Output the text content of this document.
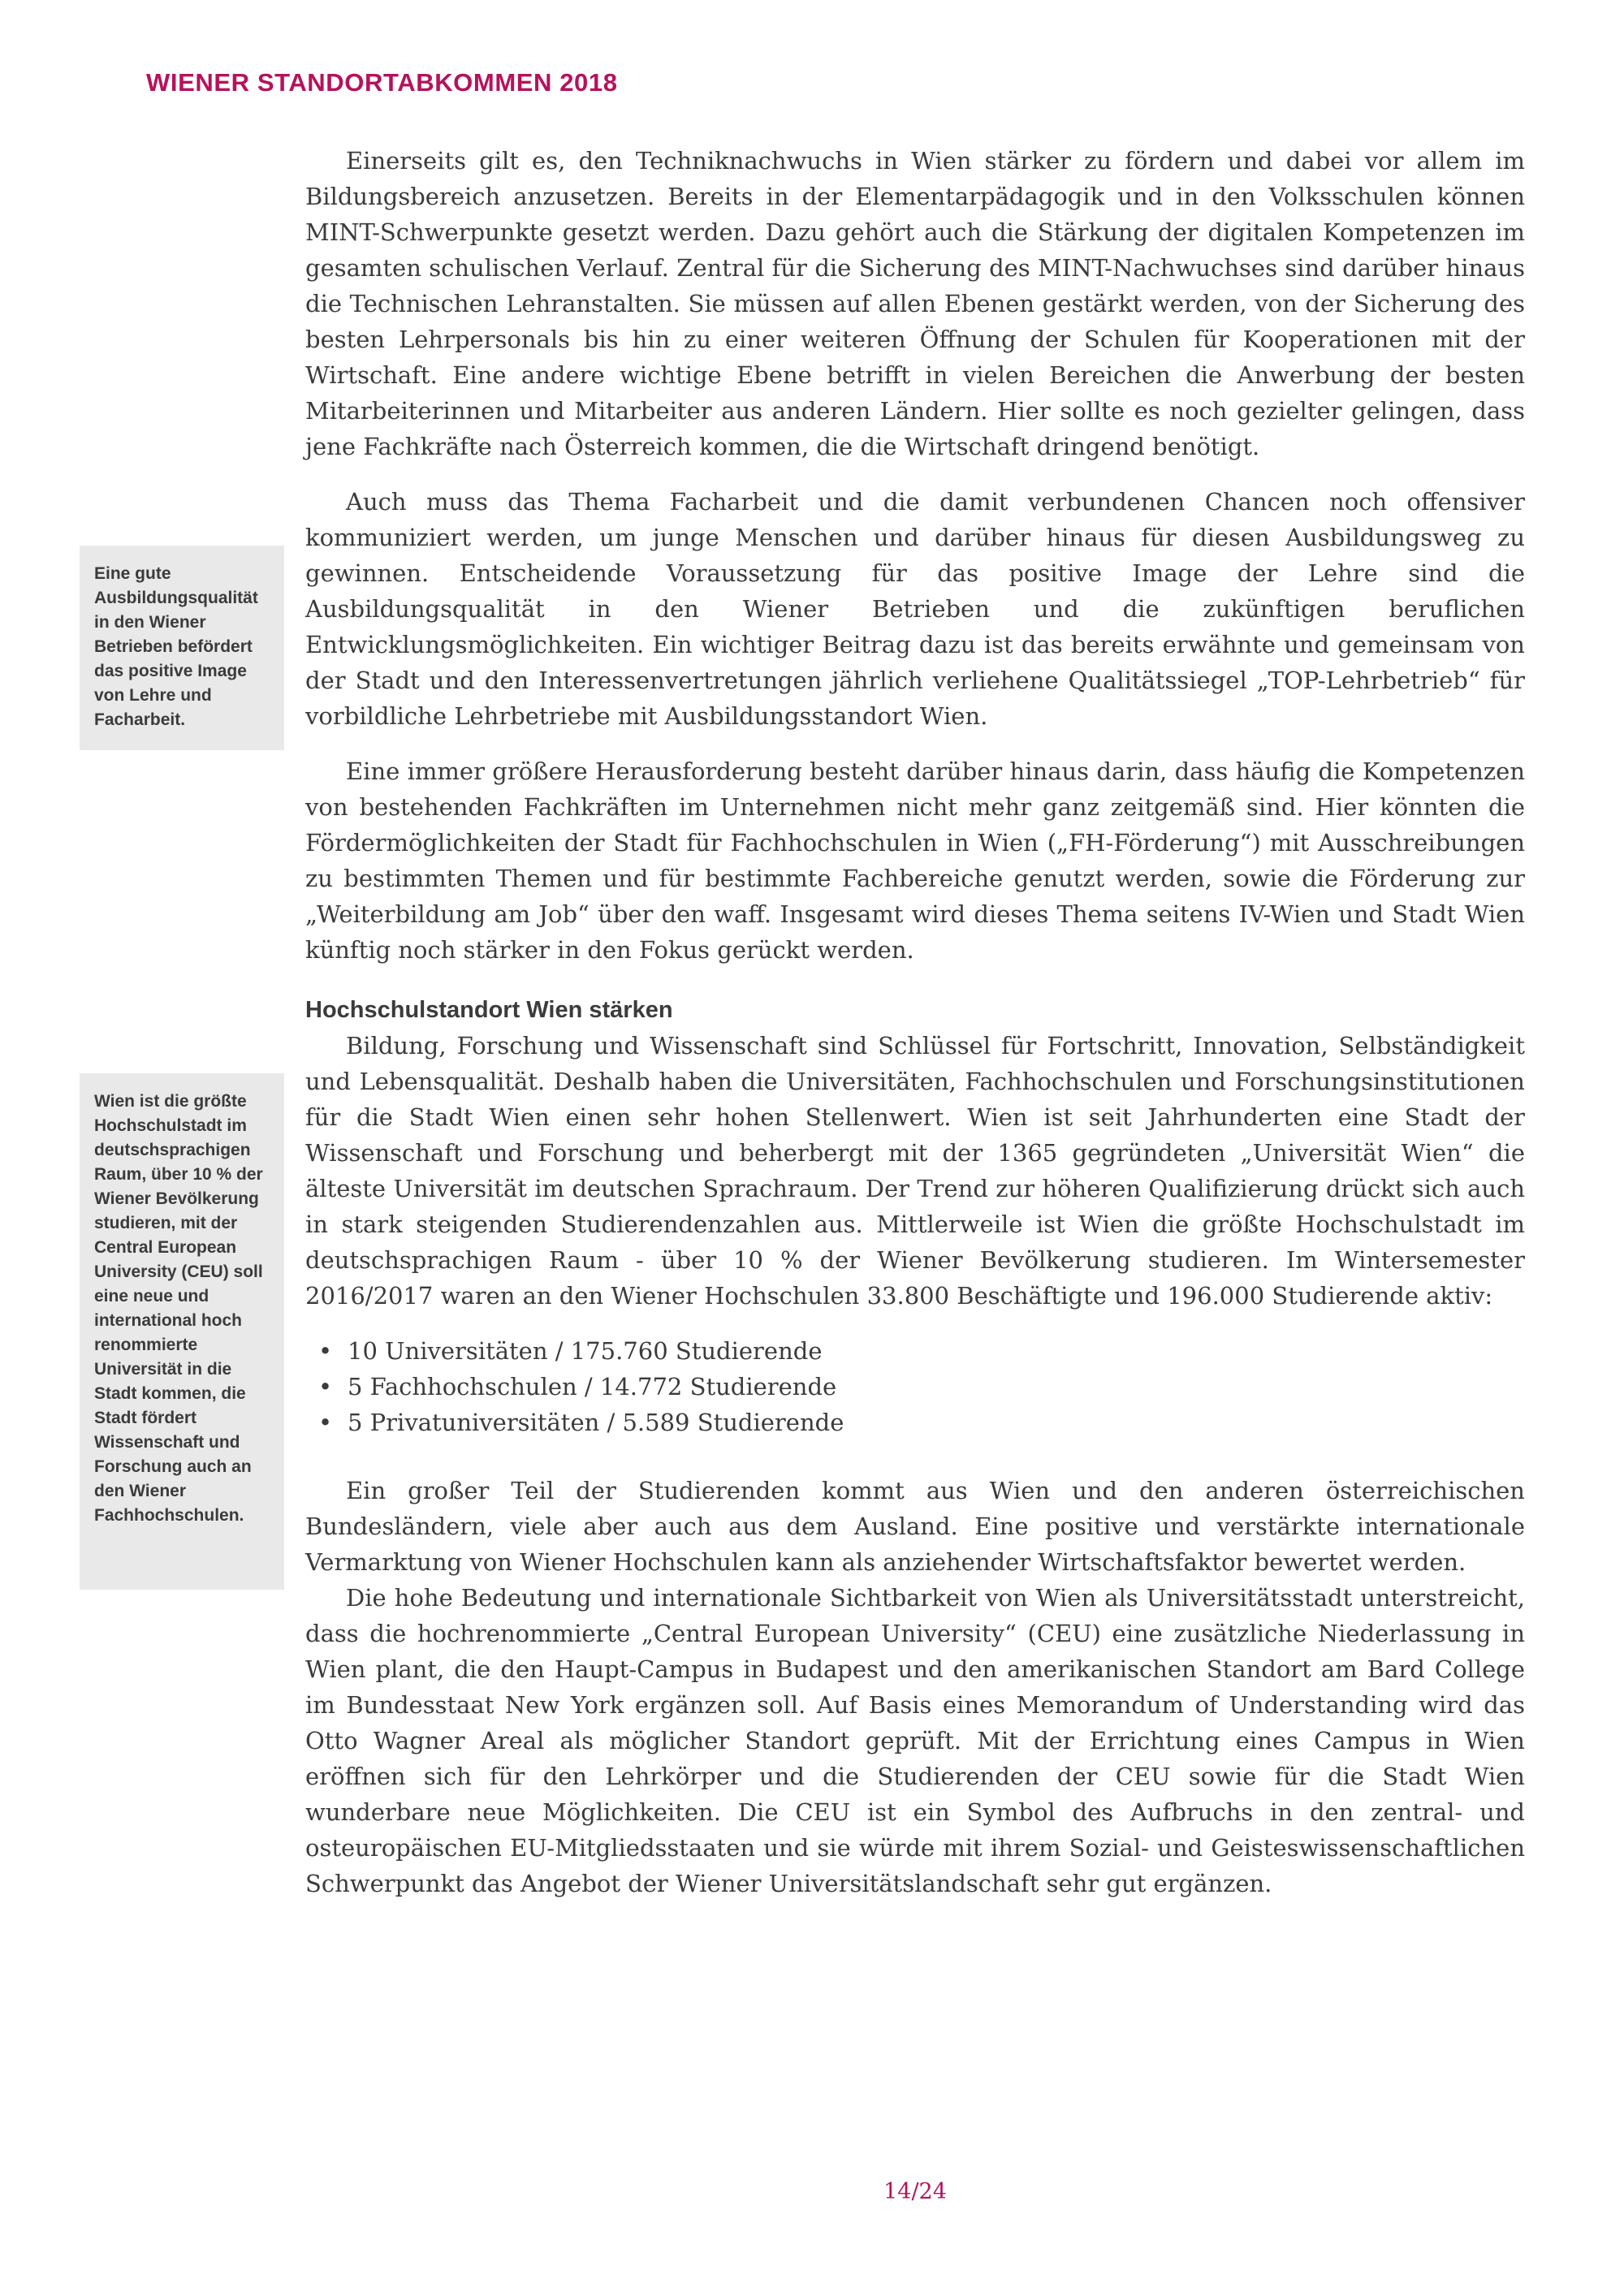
WIENER STANDORTABKOMMEN 2018
Eine gute Ausbildungsqualität in den Wiener Betrieben befördert das positive Image von Lehre und Facharbeit.
Wien ist die größte Hochschulstadt im deutschsprachigen Raum, über 10 % der Wiener Bevölkerung studieren, mit der Central European University (CEU) soll eine neue und international hoch renommierte Universität in die Stadt kommen, die Stadt fördert Wissenschaft und Forschung auch an den Wiener Fachhochschulen.

Einerseits gilt es, den Techniknachwuchs in Wien stärker zu fördern und dabei vor allem im Bildungsbereich anzusetzen. Bereits in der Elementarpädagogik und in den Volksschulen können MINT-Schwerpunkte gesetzt werden. Dazu gehört auch die Stärkung der digitalen Kompetenzen im gesamten schulischen Verlauf. Zentral für die Sicherung des MINT-Nachwuchses sind darüber hinaus die Technischen Lehranstalten. Sie müssen auf allen Ebenen gestärkt werden, von der Sicherung des besten Lehrpersonals bis hin zu einer weiteren Öffnung der Schulen für Kooperationen mit der Wirtschaft. Eine andere wichtige Ebene betrifft in vielen Bereichen die Anwerbung der besten Mitarbeiterinnen und Mitarbeiter aus anderen Ländern. Hier sollte es noch gezielter gelingen, dass jene Fachkräfte nach Österreich kommen, die die Wirtschaft dringend benötigt.

Auch muss das Thema Facharbeit und die damit verbundenen Chancen noch offensiver kommuniziert werden, um junge Menschen und darüber hinaus für diesen Ausbildungsweg zu gewinnen. Entscheidende Voraussetzung für das positive Image der Lehre sind die Ausbildungsqualität in den Wiener Betrieben und die zukünftigen beruflichen Entwicklungsmöglichkeiten. Ein wichtiger Beitrag dazu ist das bereits erwähnte und gemeinsam von der Stadt und den Interessenvertretungen jährlich verliehene Qualitätssiegel „TOP-Lehrbetrieb“ für vorbildliche Lehrbetriebe mit Ausbildungsstandort Wien.

Eine immer größere Herausforderung besteht darüber hinaus darin, dass häufig die Kompetenzen von bestehenden Fachkräften im Unternehmen nicht mehr ganz zeitgemäß sind. Hier könnten die Fördermöglichkeiten der Stadt für Fachhochschulen in Wien („FH-Förderung“) mit Ausschreibungen zu bestimmten Themen und für bestimmte Fachbereiche genutzt werden, sowie die Förderung zur „Weiterbildung am Job“ über den waff. Insgesamt wird dieses Thema seitens IV-Wien und Stadt Wien künftig noch stärker in den Fokus gerückt werden.

Hochschulstandort Wien stärken

Bildung, Forschung und Wissenschaft sind Schlüssel für Fortschritt, Innovation, Selbständigkeit und Lebensqualität. Deshalb haben die Universitäten, Fachhochschulen und Forschungsinstitutionen für die Stadt Wien einen sehr hohen Stellenwert. Wien ist seit Jahrhunderten eine Stadt der Wissenschaft und Forschung und beherbergt mit der 1365 gegründeten „Universität Wien“ die älteste Universität im deutschen Sprachraum. Der Trend zur höheren Qualifizierung drückt sich auch in stark steigenden Studierendenzahlen aus. Mittlerweile ist Wien die größte Hochschulstadt im deutschsprachigen Raum - über 10 % der Wiener Bevölkerung studieren. Im Wintersemester 2016/2017 waren an den Wiener Hochschulen 33.800 Beschäftigte und 196.000 Studierende aktiv:

• 10 Universitäten / 175.760 Studierende
• 5 Fachhochschulen / 14.772 Studierende
• 5 Privatuniversitäten / 5.589 Studierende

Ein großer Teil der Studierenden kommt aus Wien und den anderen österreichischen Bundesländern, viele aber auch aus dem Ausland. Eine positive und verstärkte internationale Vermarktung von Wiener Hochschulen kann als anziehender Wirtschaftsfaktor bewertet werden.

Die hohe Bedeutung und internationale Sichtbarkeit von Wien als Universitätsstadt unterstreicht, dass die hochrenommierte „Central European University“ (CEU) eine zusätzliche Niederlassung in Wien plant, die den Haupt-Campus in Budapest und den amerikanischen Standort am Bard College im Bundesstaat New York ergänzen soll. Auf Basis eines Memorandum of Understanding wird das Otto Wagner Areal als möglicher Standort geprüft. Mit der Errichtung eines Campus in Wien eröffnen sich für den Lehrkörper und die Studierenden der CEU sowie für die Stadt Wien wunderbare neue Möglichkeiten. Die CEU ist ein Symbol des Aufbruchs in den zentral- und osteuropäischen EU-Mitgliedsstaaten und sie würde mit ihrem Sozial- und Geisteswissenschaftlichen Schwerpunkt das Angebot der Wiener Universitätslandschaft sehr gut ergänzen.

14/24
